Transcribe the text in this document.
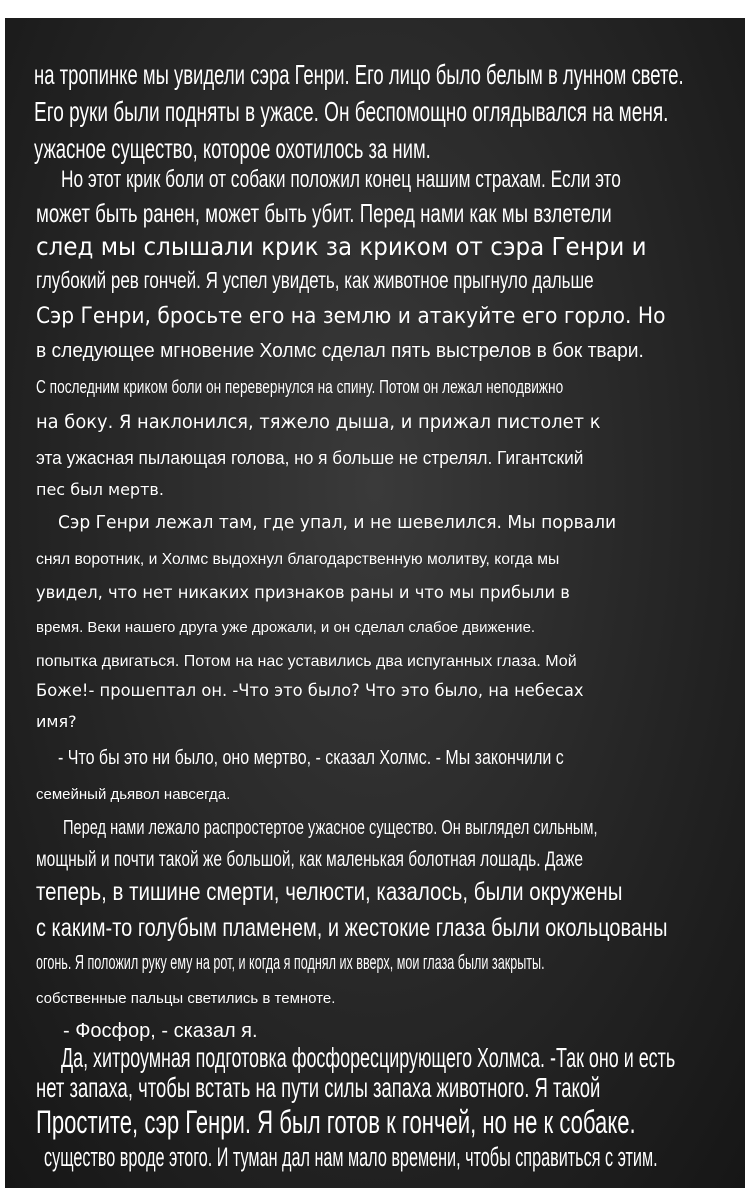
на тропинке мы увидели сэра Генри. Его лицо было белым в лунном свете.
Его руки были подняты в ужасе. Он беспомощно оглядывался на меня.
ужасное существо, которое охотилось за ним.
Но этот крик боли от собаки положил конец нашим страхам. Если это
может быть ранен, может быть убит. Перед нами как мы взлетели
след мы слышали крик за криком от сэра Генри и
глубокий рев гончей. Я успел увидеть, как животное прыгнуло дальше
Сэр Генри, бросьте его на землю и атакуйте его горло. Но
в следующее мгновение Холмс сделал пять выстрелов в бок твари.
С последним криком боли он перевернулся на спину. Потом он лежал неподвижно
на боку. Я наклонился, тяжело дыша, и прижал пистолет к
эта ужасная пылающая голова, но я больше не стрелял. Гигантский
пес был мертв.
Сэр Генри лежал там, где упал, и не шевелился. Мы порвали
снял воротник, и Холмс выдохнул благодарственную молитву, когда мы
увидел, что нет никаких признаков раны и что мы прибыли в
время. Веки нашего друга уже дрожали, и он сделал слабое движение.
попытка двигаться. Потом на нас уставились два испуганных глаза. Мой
Боже!- прошептал он. -Что это было? Что это было, на небесах
имя?
- Что бы это ни было, оно мертво, - сказал Холмс. - Мы закончили с
семейный дьявол навсегда.
Перед нами лежало распростертое ужасное существо. Он выглядел сильным,
мощный и почти такой же большой, как маленькая болотная лошадь. Даже
теперь, в тишине смерти, челюсти, казалось, были окружены
с каким-то голубым пламенем, и жестокие глаза были окольцованы
огонь. Я положил руку ему на рот, и когда я поднял их вверх, мои глаза были закрыты.
собственные пальцы светились в темноте.
- Фосфор, - сказал я.
Да, хитроумная подготовка фосфоресцирующего Холмса. -Так оно и есть
нет запаха, чтобы встать на пути силы запаха животного. Я такой
Простите, сэр Генри. Я был готов к гончей, но не к собаке.
существо вроде этого. И туман дал нам мало времени, чтобы справиться с этим.
